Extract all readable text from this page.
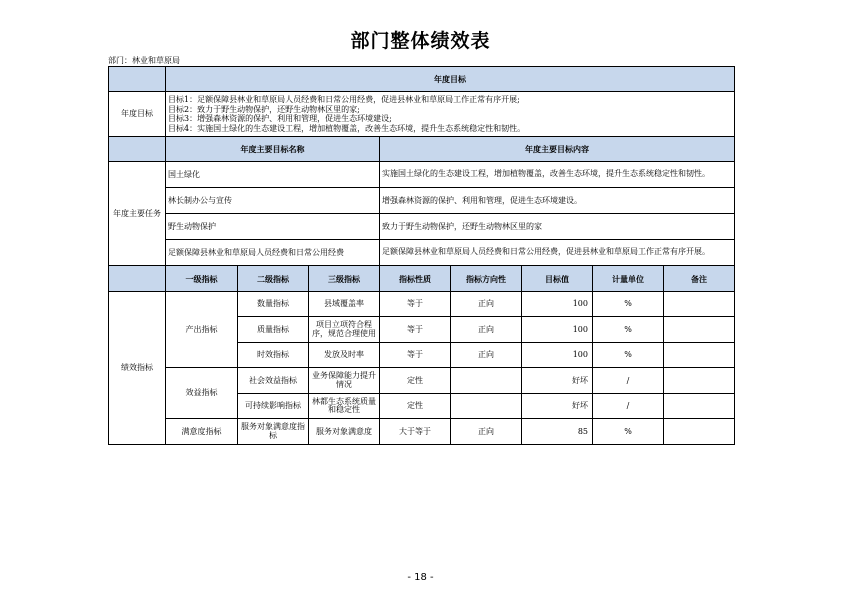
部门整体绩效表
部门：林业和草原局
	年度目标							
年度目标	目标1：足额保障县林业和草原局人员经费和日常公用经费，促进县林业和草原局工作正常有序开展;
目标2：致力于野生动物保护，还野生动物林区里的家;
目标3：增强森林资源的保护、利用和管理，促进生态环境建设;
目标4：实施国土绿化的生态建设工程，增加植物覆盖，改善生态环境，提升生态系统稳定性和韧性。							

	年度主要目标名称			年度主要目标内容				
年度主要任务	国土绿化			实施国土绿化的生态建设工程，增加植物覆盖，改善生态环境，提升生态系统稳定性和韧性。				
	林长制办公与宣传			增强森林资源的保护、利用和管理，促进生态环境建设。				
	野生动物保护			致力于野生动物保护，还野生动物林区里的家				
	足额保障县林业和草原局人员经费和日常公用经费			足额保障县林业和草原局人员经费和日常公用经费，促进县林业和草原局工作正常有序开展。				
	一级指标	二级指标	三级指标	指标性质	指标方向性	目标值	计量单位	备注
绩效指标	产出指标	数量指标	县域覆盖率	等于	正向	100	%	
		质量指标	项目立项符合程序，规范合理使用	等于	正向	100	%	
		时效指标	发放及时率	等于	正向	100	%	
	效益指标	社会效益指标	业务保障能力提升情况	定性		好坏	/	
		可持续影响指标	林都生态系统质量和稳定性	定性		好坏	/	
	满意度指标	服务对象满意度指标	服务对象满意度	大于等于	正向	85	%	
- 18 -
